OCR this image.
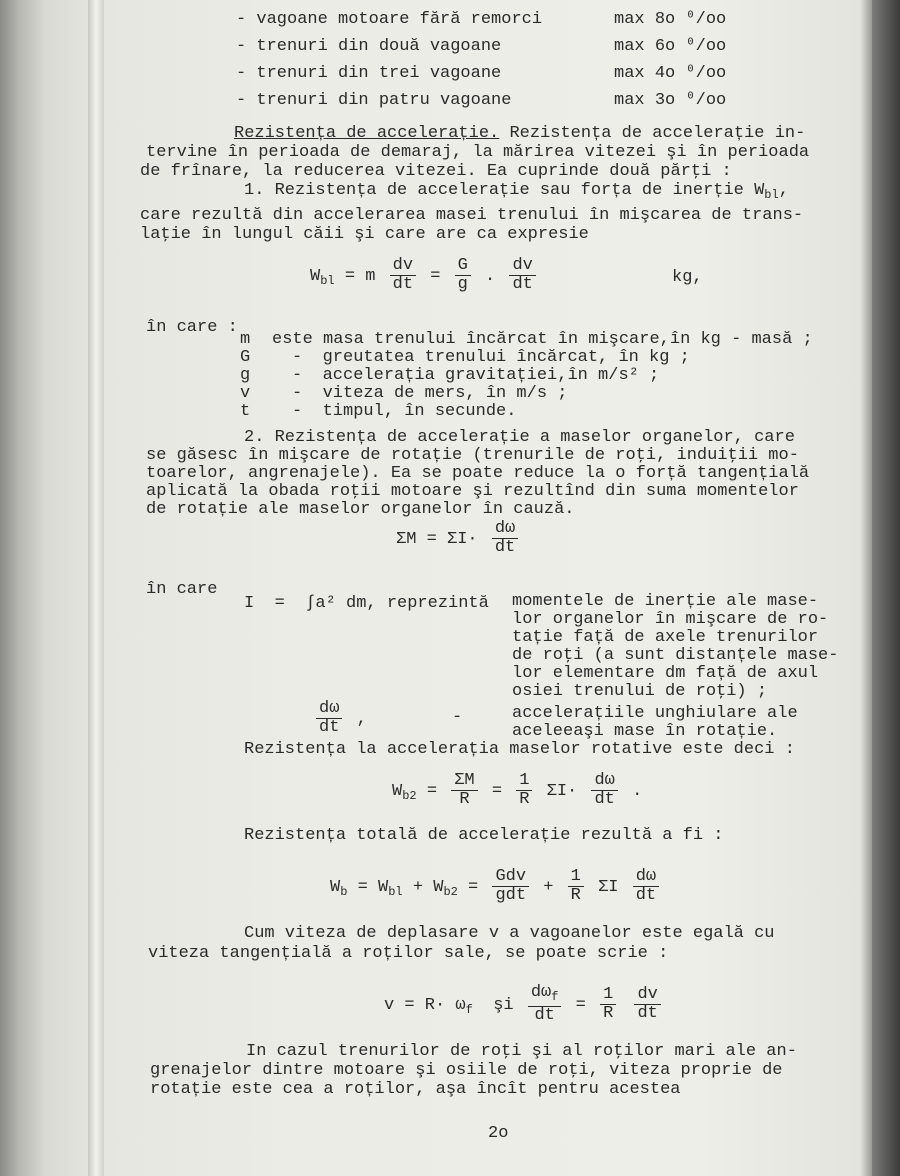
- vagoane motoare fără remorci	max 8o ⁰/oo
- trenuri din două vagoane	max 6o ⁰/oo
- trenuri din trei vagoane	max 4o ⁰/oo
- trenuri din patru vagoane	max 3o ⁰/oo
Rezistența de accelerație. Rezistența de accelerație in-
tervine în perioada de demaraj, la mărirea vitezei şi în perioada
de frînare, la reducerea vitezei. Ea cuprinde două părţi :
1. Rezistența de accelerație sau forța de inerție $W_{bl}$,
care rezultă din accelerarea masei trenului în mişcarea de trans-
laţie în lungul căii şi care are ca expresie
$W_{bl} = m \frac{dv}{dt} = \frac{G}{g}$ . $\frac{dv}{dt}$	kg,
în care :
m este masa trenului încărcat în mişcare,în kg - masă ;
G -  greutatea trenului încărcat, în kg ;
g -  accelerația gravitației,în m/s² ;
v -  viteza de mers, în m/s ;
t -  timpul, în secunde.
2. Rezistența de accelerație a maselor organelor, care
se găsesc în mişcare de rotație (trenurile de roţi, induiţii mo-
toarelor, angrenajele). Ea se poate reduce la o forță tangențială
aplicată la obada roţii motoare şi rezultînd din suma momentelor
de rotație ale maselor organelor în cauză.
$\Sigma M = \Sigma I\cdot \frac{d\omega}{dt}$
în care
I  =  ∫a² dm, reprezintă momentele de inerție ale mase-
lor organelor în mişcare de ro-
tație față de axele trenurilor
de roţi (a sunt distanțele mase-
lor elementare dm față de axul
osiei trenului de roţi) ;
$\frac{d\omega}{dt}$ ,	-	accelerațiile unghiulare ale
aceleeaşi mase în rotație.
Rezistența la accelerația maselor rotative este deci :
$W_{b2} = \frac{\Sigma M}{R} = \frac{1}{R} \Sigma I\cdot \frac{d\omega}{dt}$ .
Rezistența totală de accelerație rezultă a fi :
$W_b = W_{bl} + W_{b2} = \frac{\text{Gdv}}{\text{gdt}} + \frac{1}{R}$ ΣI $\frac{d\omega}{dt}$
Cum viteza de deplasare v a vagoanelor este egală cu
viteza tangențială a roților sale, se poate scrie :
$v = R\cdot \omega_f$ şi $\frac{d\omega_f}{dt} = \frac{1}{R}$
$\frac{dv}{dt}$
In cazul trenurilor de roţi şi al roţilor mari ale an-
grenajelor dintre motoare şi osiile de roţi, viteza proprie de
rotație este cea a roților, aşa încît pentru acestea
2o
